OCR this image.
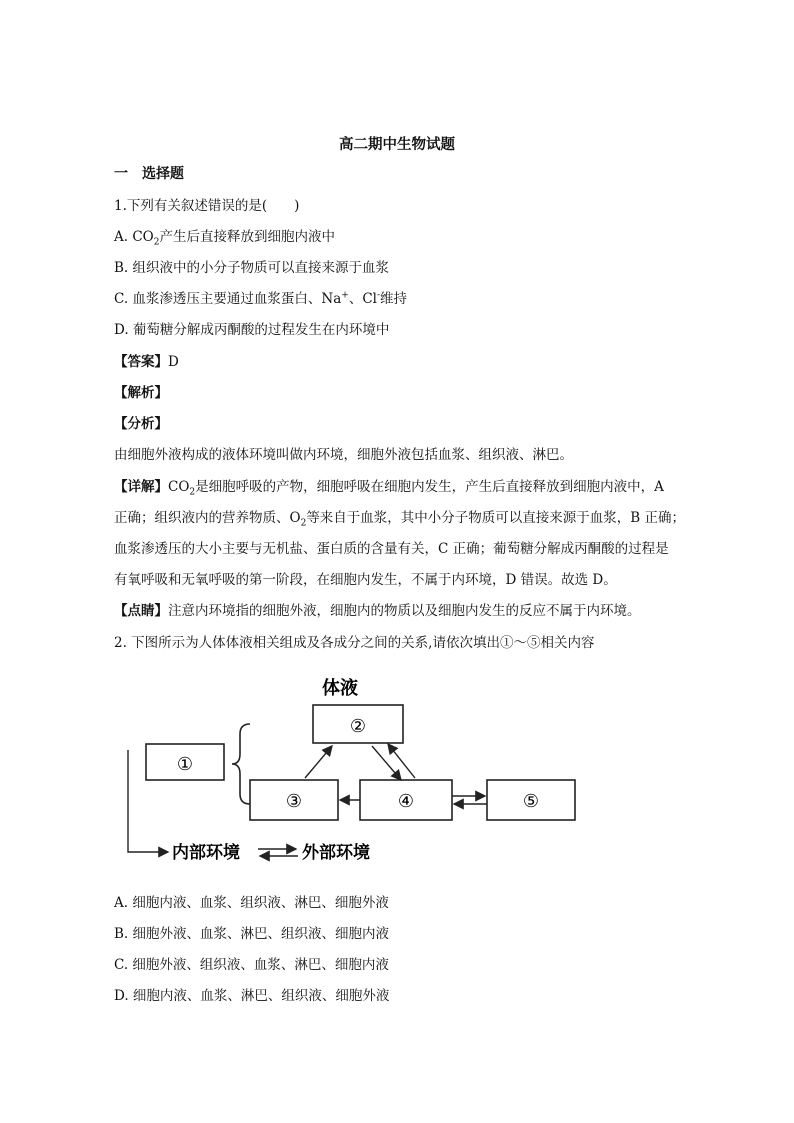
高二期中生物试题
一　选择题
1.下列有关叙述错误的是(　　)
A. $CO_2$产生后直接释放到细胞内液中
B. 组织液中的小分子物质可以直接来源于血浆
C. 血浆渗透压主要通过血浆蛋白、Na+、Cl-维持
D. 葡萄糖分解成丙酮酸的过程发生在内环境中
【答案】D
【解析】
【分析】
由细胞外液构成的液体环境叫做内环境，细胞外液包括血浆、组织液、淋巴。
【详解】$CO_2$是细胞呼吸的产物，细胞呼吸在细胞内发生，产生后直接释放到细胞内液中，A
正确；组织液内的营养物质、$O_2$等来自于血浆，其中小分子物质可以直接来源于血浆，B 正确；
血浆渗透压的大小主要与无机盐、蛋白质的含量有关，C 正确；葡萄糖分解成丙酮酸的过程是
有氧呼吸和无氧呼吸的第一阶段，在细胞内发生，不属于内环境，D 错误。故选 D。
【点睛】注意内环境指的细胞外液，细胞内的物质以及细胞内发生的反应不属于内环境。
2. 下图所示为人体体液相关组成及各成分之间的关系,请依次填出①～⑤相关内容
体液
②
①
③	④	⑤
内部环境	外部环境
A. 细胞内液、血浆、组织液、淋巴、细胞外液
B. 细胞外液、血浆、淋巴、组织液、细胞内液
C. 细胞外液、组织液、血浆、淋巴、细胞内液
D. 细胞内液、血浆、淋巴、组织液、细胞外液
